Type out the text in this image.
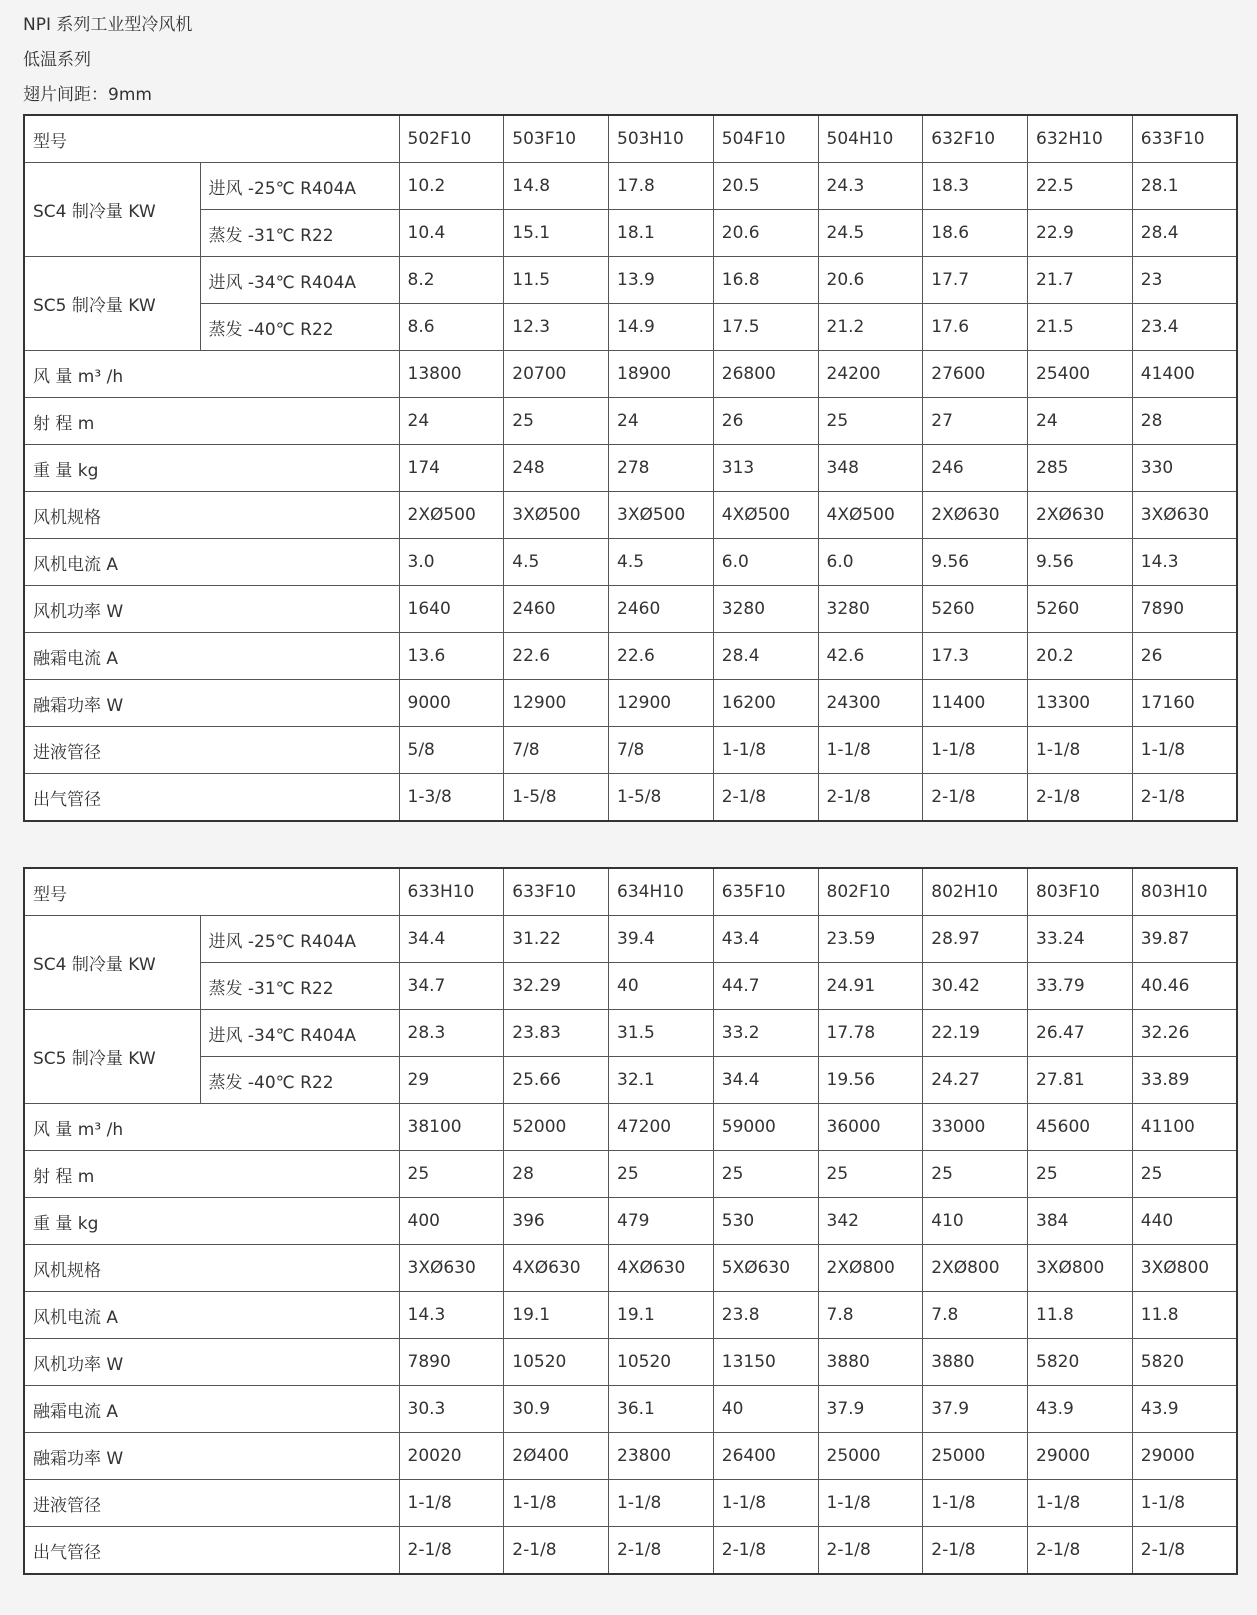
NPI 系列工业型冷风机
低温系列
翅片间距：9mm
型号		502F10	503F10	503H10	504F10	504H10	632F10	632H10	633F10
SC4 制冷量 KW	进风 -25℃ R404A	10.2	14.8	17.8	20.5	24.3	18.3	22.5	28.1
	蒸发 -31℃ R22	10.4	15.1	18.1	20.6	24.5	18.6	22.9	28.4
SC5 制冷量 KW	进风 -34℃ R404A	8.2	11.5	13.9	16.8	20.6	17.7	21.7	23
	蒸发 -40℃ R22	8.6	12.3	14.9	17.5	21.2	17.6	21.5	23.4
风 量 m³ /h		13800	20700	18900	26800	24200	27600	25400	41400
射 程 m		24	25	24	26	25	27	24	28
重 量 kg		174	248	278	313	348	246	285	330
风机规格		2XØ500	3XØ500	3XØ500	4XØ500	4XØ500	2XØ630	2XØ630	3XØ630
风机电流 A		3.0	4.5	4.5	6.0	6.0	9.56	9.56	14.3
风机功率 W		1640	2460	2460	3280	3280	5260	5260	7890
融霜电流 A		13.6	22.6	22.6	28.4	42.6	17.3	20.2	26
融霜功率 W		9000	12900	12900	16200	24300	11400	13300	17160
进液管径		5/8	7/8	7/8	1-1/8	1-1/8	1-1/8	1-1/8	1-1/8
出气管径		1-3/8	1-5/8	1-5/8	2-1/8	2-1/8	2-1/8	2-1/8	2-1/8
型号		633H10	633F10	634H10	635F10	802F10	802H10	803F10	803H10
SC4 制冷量 KW	进风 -25℃ R404A	34.4	31.22	39.4	43.4	23.59	28.97	33.24	39.87
	蒸发 -31℃ R22	34.7	32.29	40	44.7	24.91	30.42	33.79	40.46
SC5 制冷量 KW	进风 -34℃ R404A	28.3	23.83	31.5	33.2	17.78	22.19	26.47	32.26
	蒸发 -40℃ R22	29	25.66	32.1	34.4	19.56	24.27	27.81	33.89
风 量 m³ /h		38100	52000	47200	59000	36000	33000	45600	41100
射 程 m		25	28	25	25	25	25	25	25
重 量 kg		400	396	479	530	342	410	384	440
风机规格		3XØ630	4XØ630	4XØ630	5XØ630	2XØ800	2XØ800	3XØ800	3XØ800
风机电流 A		14.3	19.1	19.1	23.8	7.8	7.8	11.8	11.8
风机功率 W		7890	10520	10520	13150	3880	3880	5820	5820
融霜电流 A		30.3	30.9	36.1	40	37.9	37.9	43.9	43.9
融霜功率 W		20020	2Ø400	23800	26400	25000	25000	29000	29000
进液管径		1-1/8	1-1/8	1-1/8	1-1/8	1-1/8	1-1/8	1-1/8	1-1/8
出气管径		2-1/8	2-1/8	2-1/8	2-1/8	2-1/8	2-1/8	2-1/8	2-1/8
